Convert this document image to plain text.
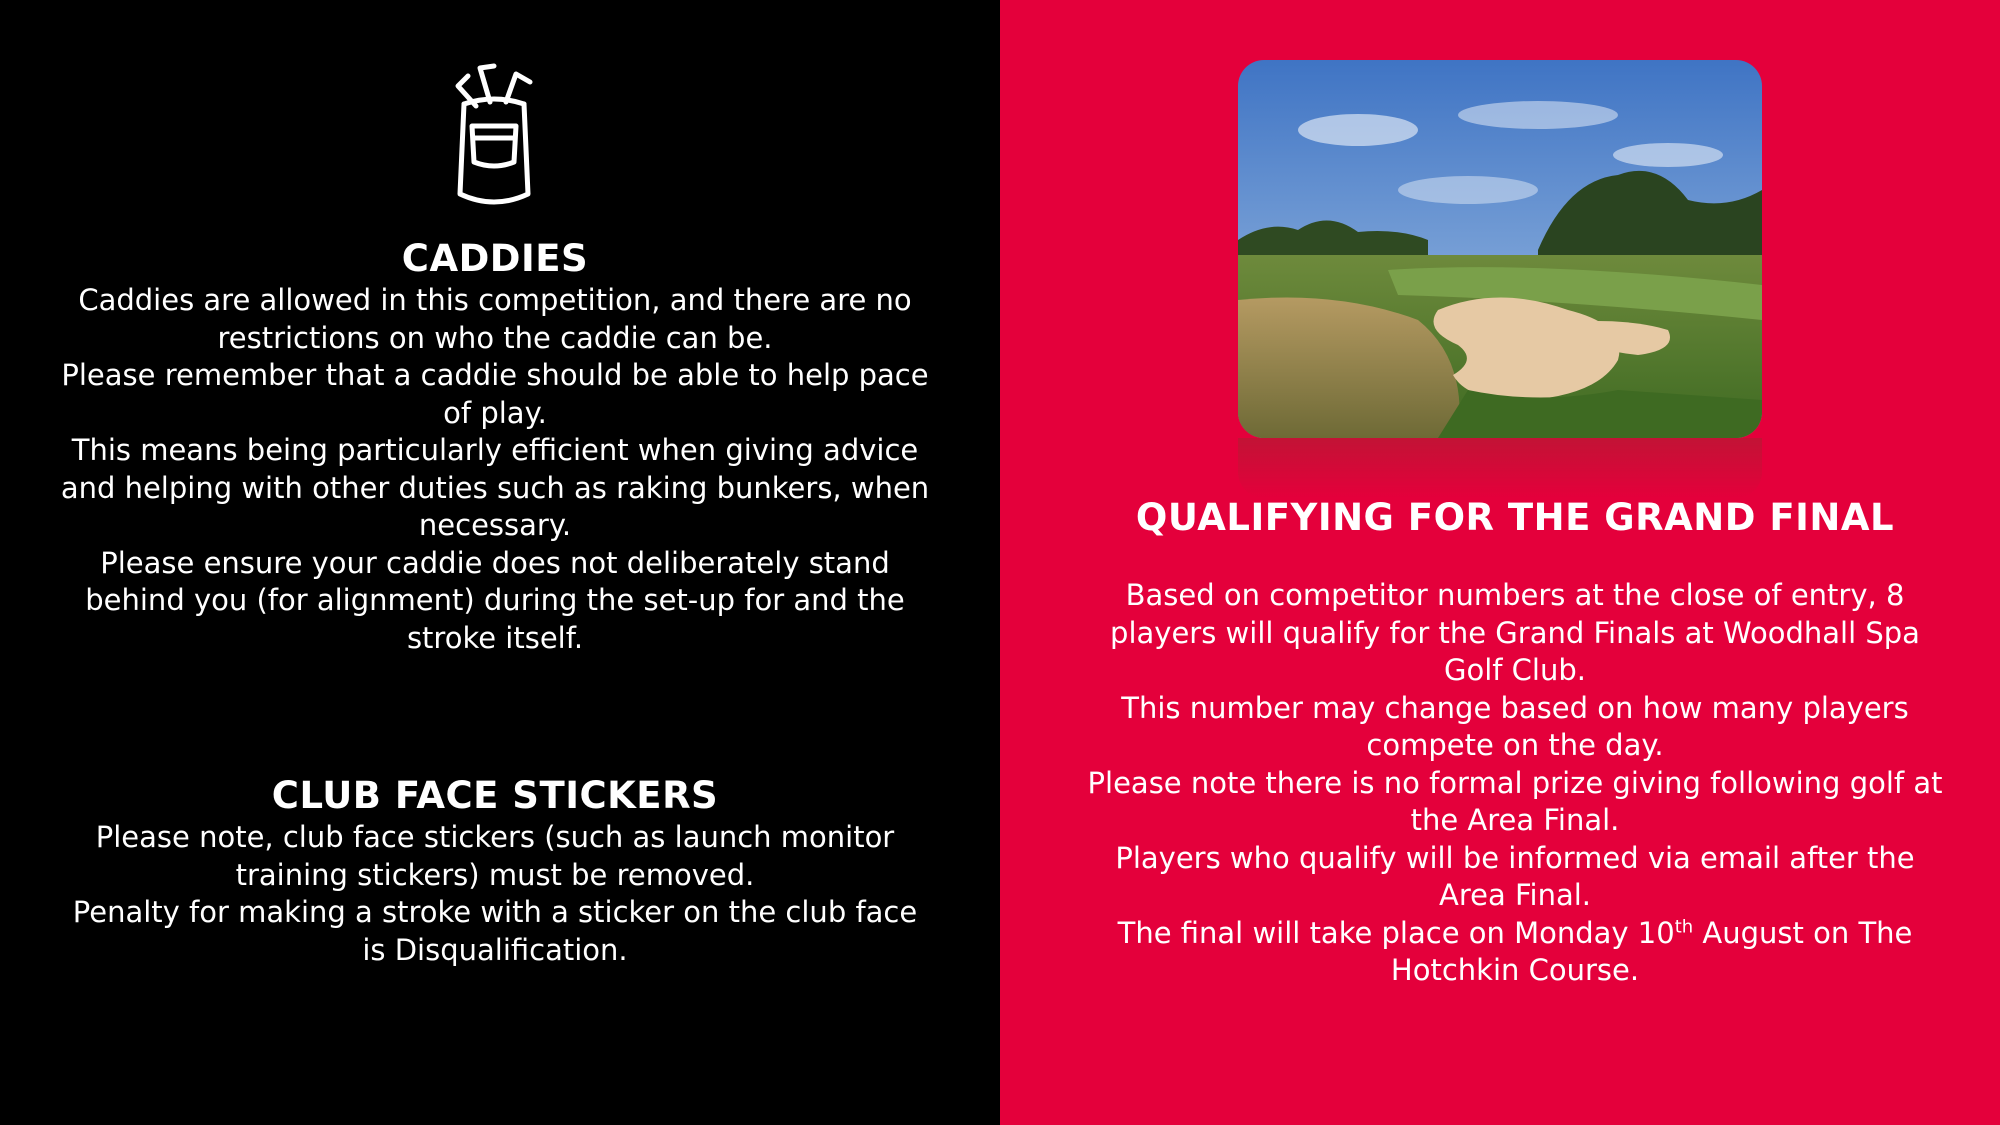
CADDIES

Caddies are allowed in this competition, and there are no restrictions on who the caddie can be.

Please remember that a caddie should be able to help pace of play.

This means being particularly efficient when giving advice and helping with other duties such as raking bunkers, when necessary.

Please ensure your caddie does not deliberately stand behind you (for alignment) during the set-up for and the stroke itself.

CLUB FACE STICKERS

Please note, club face stickers (such as launch monitor training stickers) must be removed.

Penalty for making a stroke with a sticker on the club face is Disqualification.

QUALIFYING FOR THE GRAND FINAL

Based on competitor numbers at the close of entry, 8 players will qualify for the Grand Finals at Woodhall Spa Golf Club.

This number may change based on how many players compete on the day.

Please note there is no formal prize giving following golf at the Area Final.

Players who qualify will be informed via email after the Area Final.

The final will take place on Monday 10th August on The Hotchkin Course.
